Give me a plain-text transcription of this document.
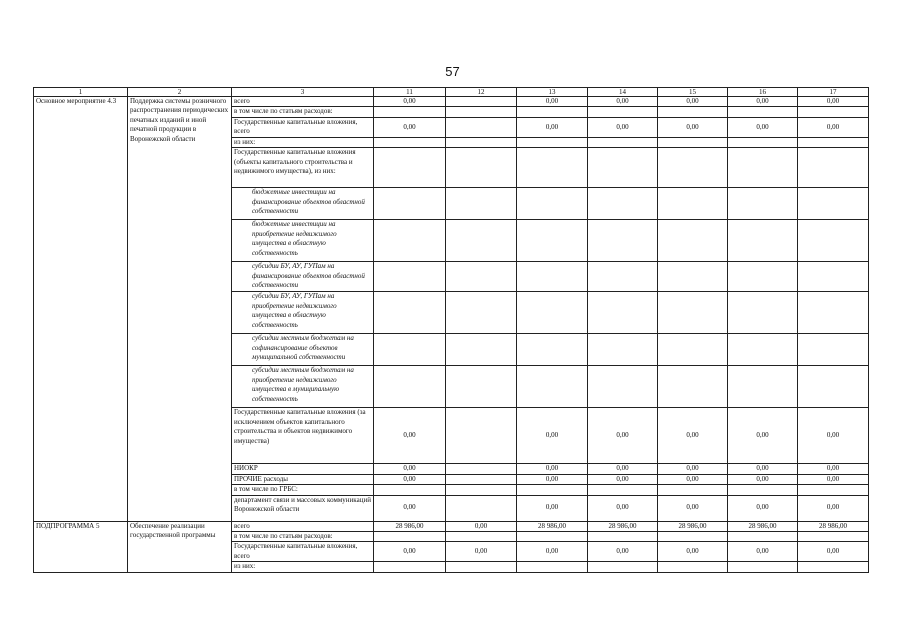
57
1	2	3	11	12	13	14	15	16	17
Основное мероприятие 4.3	Поддержка системы розничного распространения периодических печатных изданий и иной печатной продукции в Воронежской области	всего	0,00		0,00	0,00	0,00	0,00	0,00
		в том числе по статьям расходов:							
		Государственные капитальные вложения, всего	0,00		0,00	0,00	0,00	0,00	0,00
		из них:							
		Государственные капитальные вложения (объекты капитального строительства и недвижимого имущества), из них:							
		бюджетные инвестиции на финансирование объектов областной собственности							
		бюджетные инвестиции на приобретение недвижимого имущества в областную собственность							
		субсидии БУ, АУ, ГУПам на финансирование объектов областной собственности							
		субсидии БУ, АУ, ГУПам на приобретение недвижимого имущества в областную собственность							
		субсидии местным бюджетам на софинансирование объектов муниципальной собственности							
		субсидии местным бюджетам на приобретение недвижимого имущества в муниципальную собственность							
		Государственные капитальные вложения (за исключением объектов капитального строительства и объектов недвижимого имущества)	0,00		0,00	0,00	0,00	0,00	0,00
		НИОКР	0,00		0,00	0,00	0,00	0,00	0,00
		ПРОЧИЕ расходы	0,00		0,00	0,00	0,00	0,00	0,00
		в том числе по ГРБС:							
		департамент связи и массовых коммуникаций Воронежской области	0,00		0,00	0,00	0,00	0,00	0,00
ПОДПРОГРАММА 5	Обеспечение реализации государственной программы	всего	28 986,00	0,00	28 986,00	28 986,00	28 986,00	28 986,00	28 986,00
		в том числе по статьям расходов:							
		Государственные капитальные вложения, всего	0,00	0,00	0,00	0,00	0,00	0,00	0,00
		из них:							
